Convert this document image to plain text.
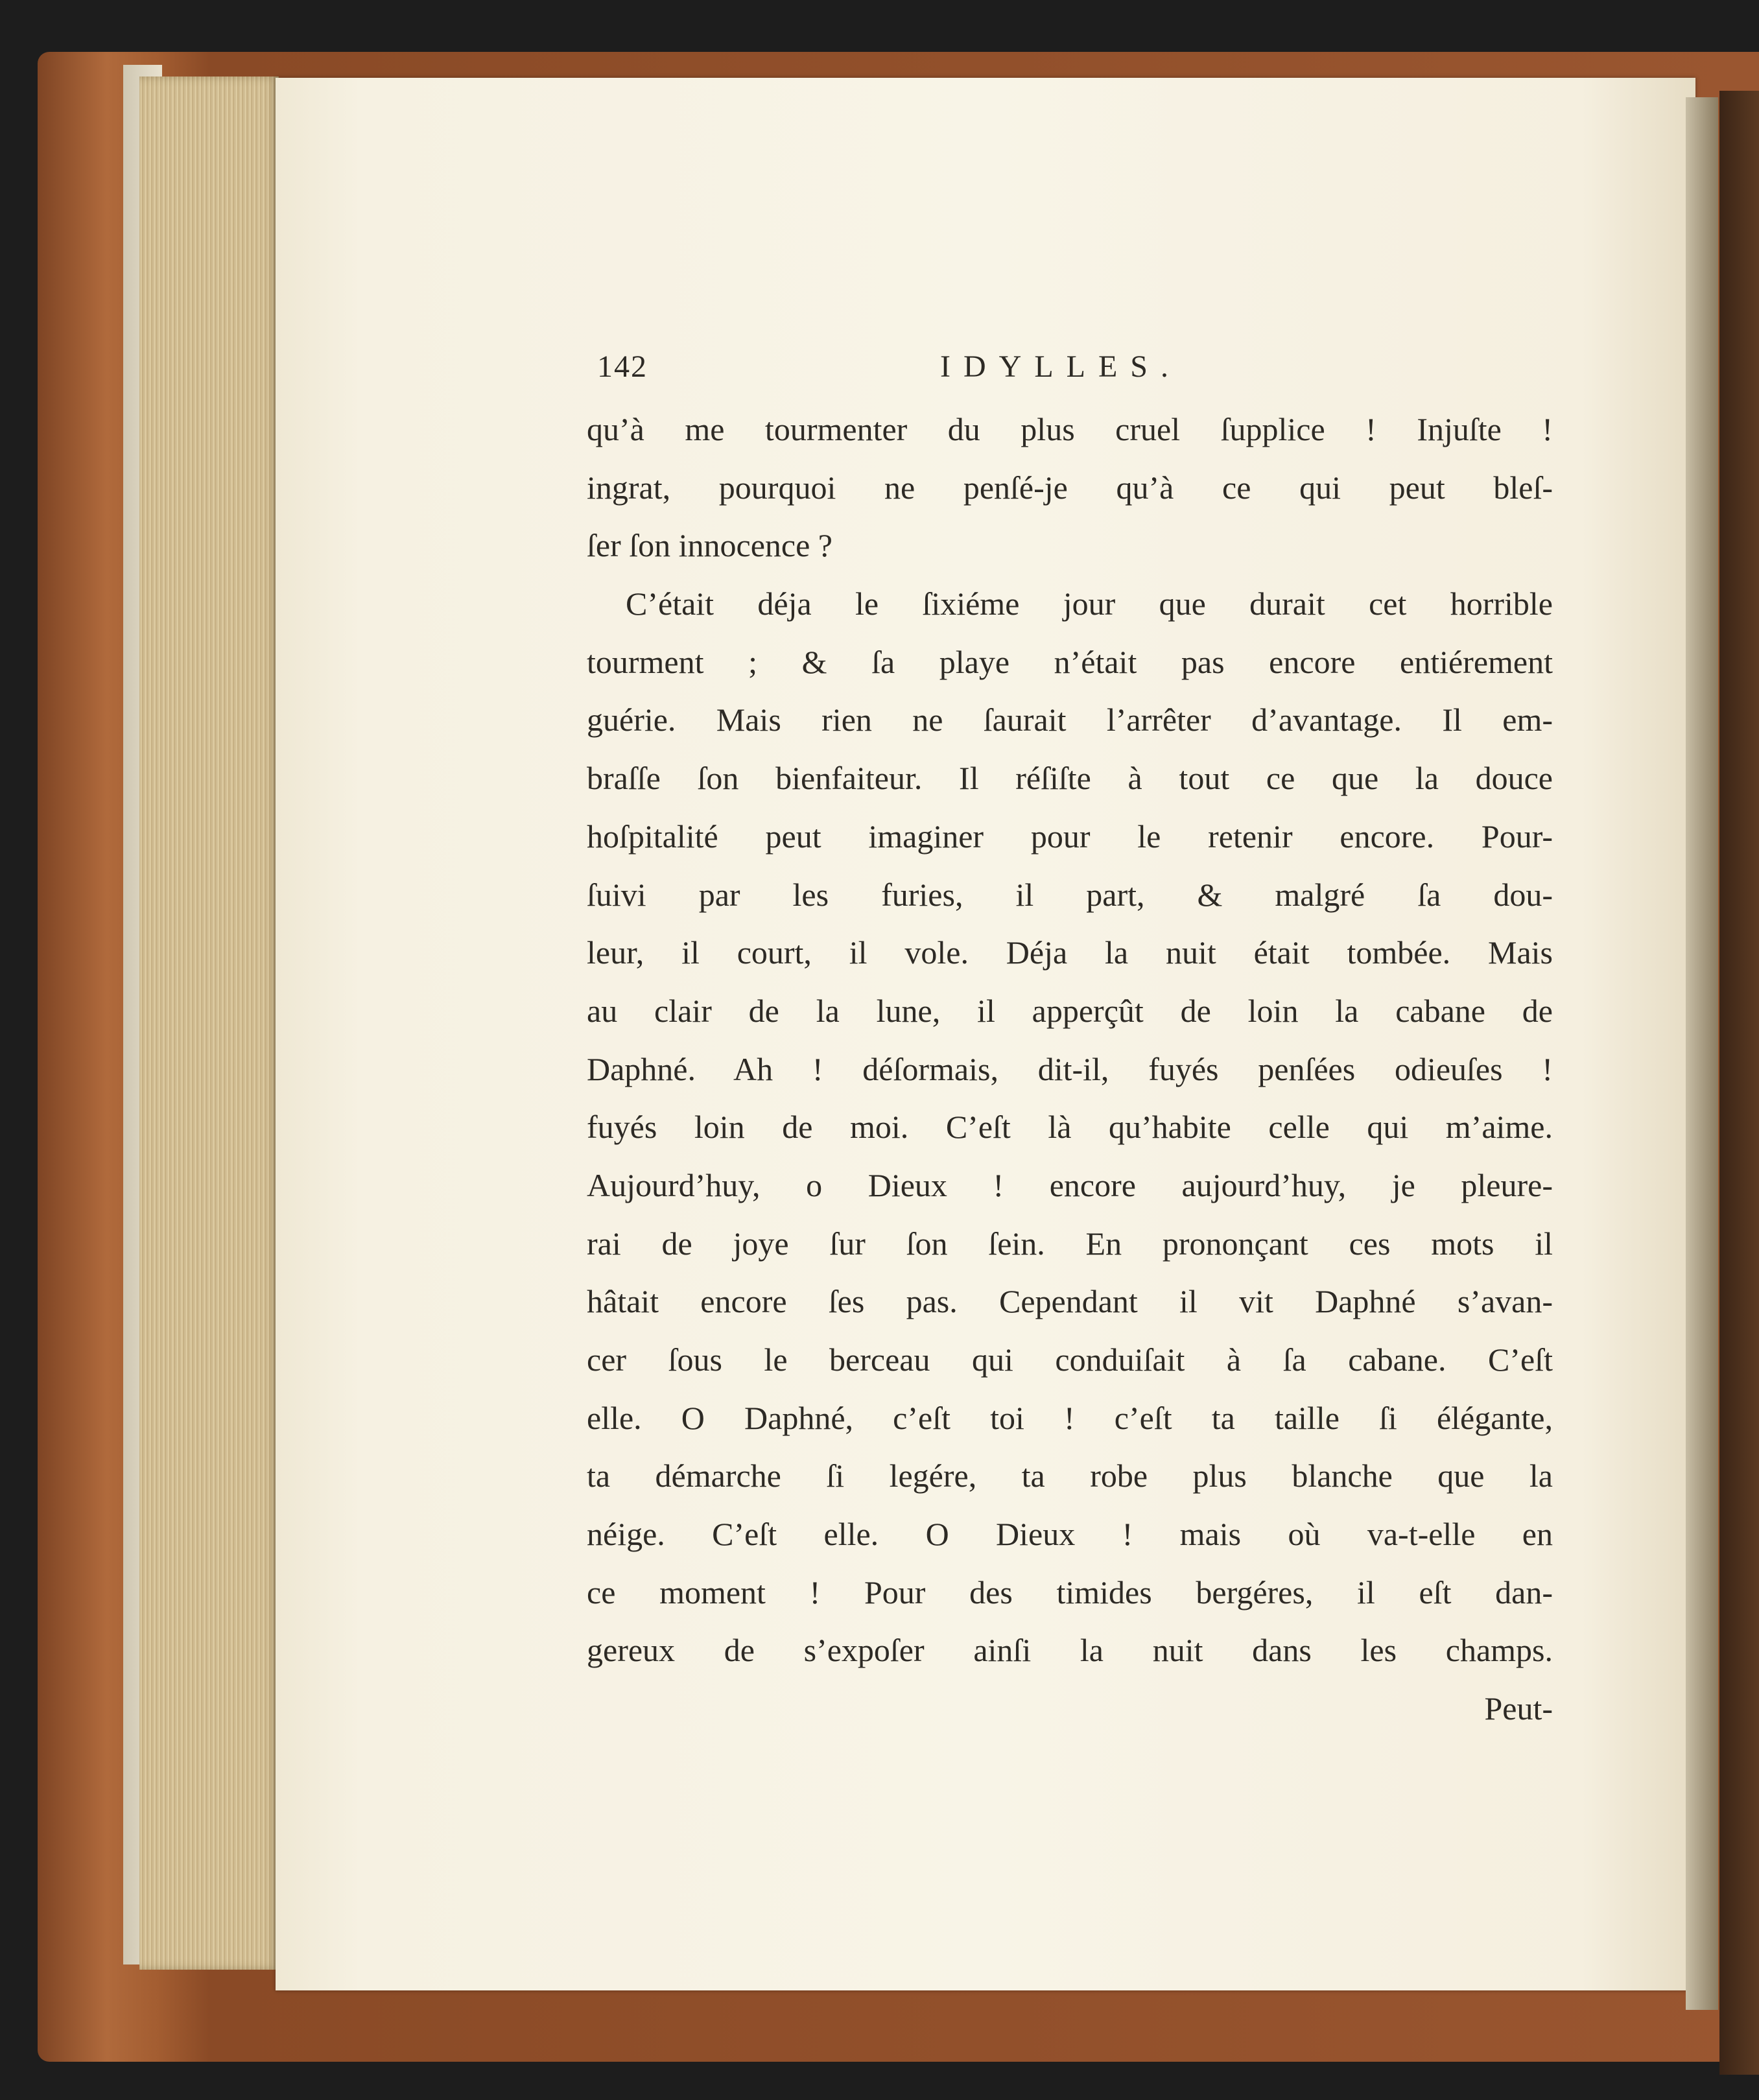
142	IDYLLES.
qu’à me tourmenter du plus cruel ſupplice ! Injuſte !
ingrat, pourquoi ne penſé-je qu’à ce qui peut bleſ-
ſer ſon innocence ?
C’était déja le ſixiéme jour que durait cet horrible
tourment ; & ſa playe n’était pas encore entiérement
guérie. Mais rien ne ſaurait l’arrêter d’avantage. Il em-
braſſe ſon bienfaiteur. Il réſiſte à tout ce que la douce
hoſpitalité peut imaginer pour le retenir encore. Pour-
ſuivi par les furies, il part, & malgré ſa dou-
leur, il court, il vole. Déja la nuit était tombée. Mais
au clair de la lune, il apperçût de loin la cabane de
Daphné. Ah ! déſormais, dit-il, fuyés penſées odieuſes !
fuyés loin de moi. C’eſt là qu’habite celle qui m’aime.
Aujourd’huy, o Dieux ! encore aujourd’huy, je pleure-
rai de joye ſur ſon ſein. En prononçant ces mots il
hâtait encore ſes pas. Cependant il vit Daphné s’avan-
cer ſous le berceau qui conduiſait à ſa cabane. C’eſt
elle. O Daphné, c’eſt toi ! c’eſt ta taille ſi élégante,
ta démarche ſi legére, ta robe plus blanche que la
néige. C’eſt elle. O Dieux ! mais où va-t-elle en
ce moment ! Pour des timides bergéres, il eſt dan-
gereux de s’expoſer ainſi la nuit dans les champs.
Peut-
